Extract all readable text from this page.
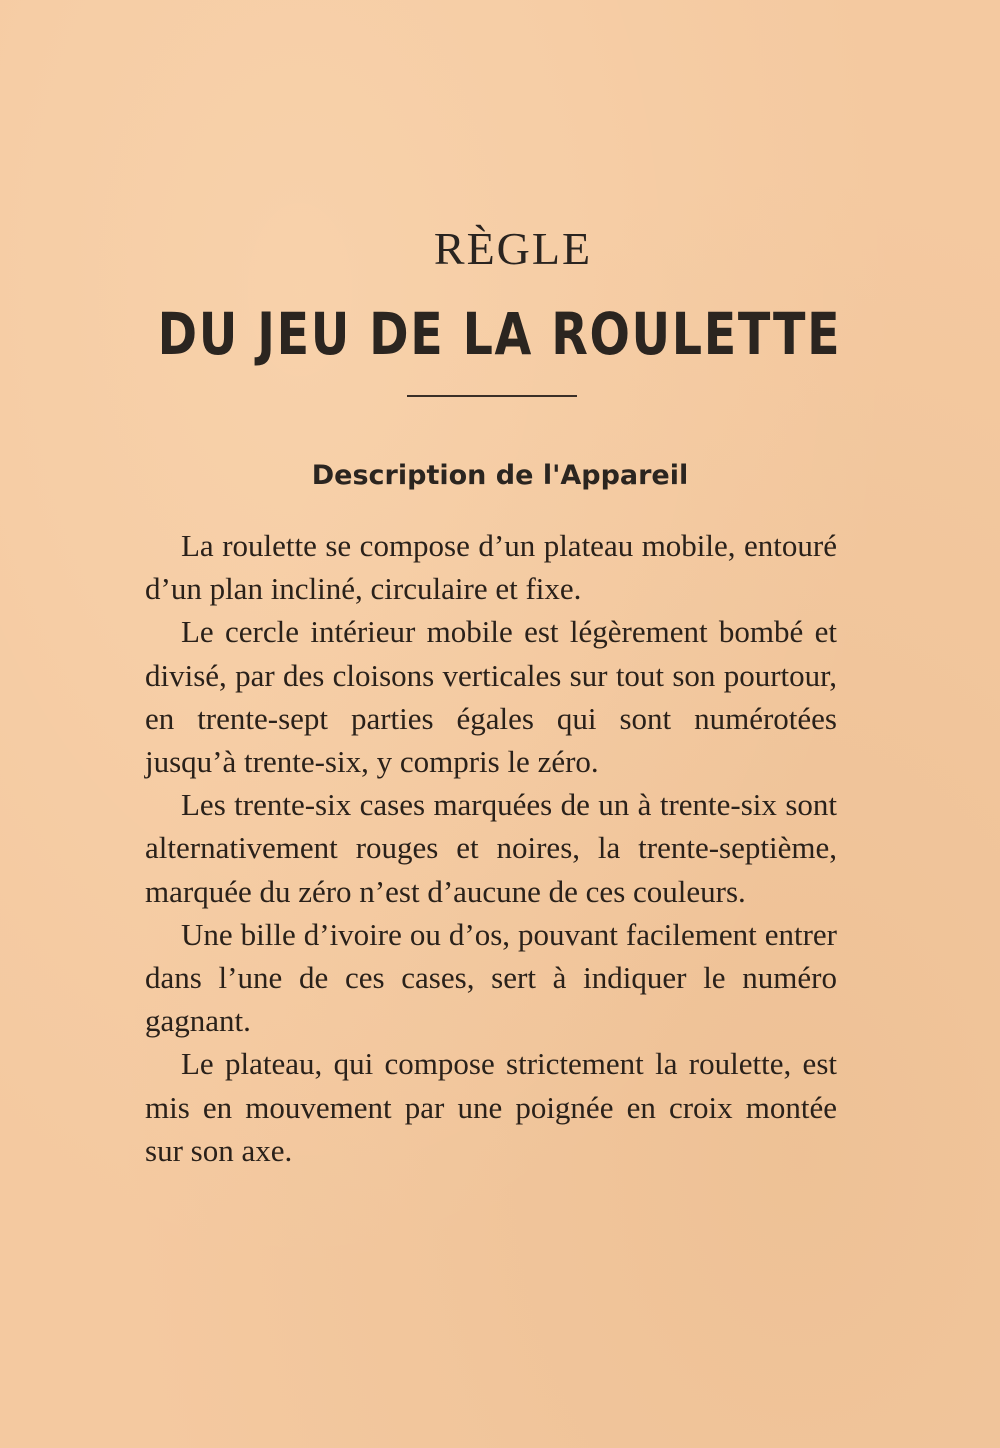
RÈGLE
DU JEU DE LA ROULETTE
Description de l'Appareil

La roulette se compose d’un plateau mobile, entouré d’un plan incliné, circulaire et fixe.

Le cercle intérieur mobile est légèrement bombé et divisé, par des cloisons verticales sur tout son pourtour, en trente-sept parties égales qui sont numérotées jusqu’à trente-six, y compris le zéro.

Les trente-six cases marquées de un à trente-six sont alternativement rouges et noires, la trente-septième, marquée du zéro n’est d’aucune de ces couleurs.

Une bille d’ivoire ou d’os, pouvant facilement entrer dans l’une de ces cases, sert à indiquer le numéro gagnant.

Le plateau, qui compose strictement la roulette, est mis en mouvement par une poignée en croix montée sur son axe.
